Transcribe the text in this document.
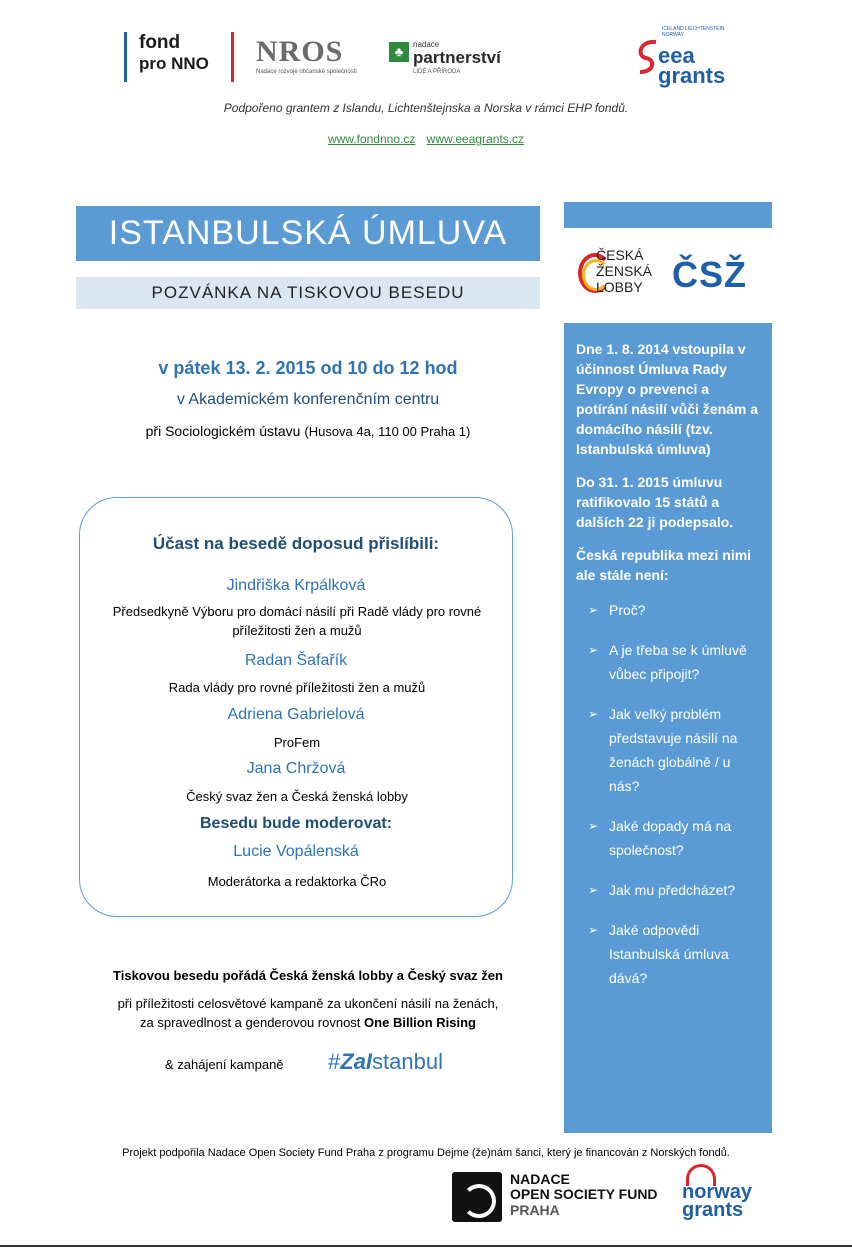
fond
pro NNO	NROS
Nadace rozvoje občanské společnosti
♣	nadace
partnerství
LIDÉ A PŘÍRODA
ICELAND LIECHTENSTEIN NORWAY
eea
grants
Podpořeno grantem z Islandu, Lichtenštejnska a Norska v rámci EHP fondů.
www.fondnno.cz www.eeagrants.cz
ISTANBULSKÁ ÚMLUVA
POZVÁNKA NA TISKOVOU BESEDU
v pátek 13. 2. 2015 od 10 do 12 hod
v Akademickém konferenčním centru
při Sociologickém ústavu (Husova 4a, 110 00 Praha 1)
Účast na besedě doposud přislíbili:
Jindřiška Krpálková
Předsedkyně Výboru pro domácí násilí při Radě vlády pro rovné příležitosti žen a mužů
Radan Šafařík
Rada vlády pro rovné příležitosti žen a mužů
Adriena Gabrielová
ProFem
Jana Chržová
Český svaz žen a Česká ženská lobby
Besedu bude moderovat:
Lucie Vopálenská
Moderátorka a redaktorka ČRo
Tiskovou besedu pořádá Česká ženská lobby a Český svaz žen
při příležitosti celosvětové kampaně za ukončení násilí na ženách,
za spravedlnost a genderovou rovnost One Billion Rising
& zahájení kampaně #ZaIstanbul
ČESKÁ
ŽENSKÁ
LOBBY ČSŽ

Dne 1. 8. 2014 vstoupila v účinnost Úmluva Rady Evropy o prevenci a potírání násilí vůči ženám a domácího násilí (tzv. Istanbulská úmluva)

Do 31. 1. 2015 úmluvu ratifikovalo 15 států a dalších 22 ji podepsalo.

Česká republika mezi nimi ale stále není:

➢ Proč?
➢ A je třeba se k úmluvě vůbec připojit?
➢ Jak velký problém představuje násilí na ženách globálně / u nás?
➢ Jaké dopady má na společnost?
➢ Jak mu předcházet?
➢ Jaké odpovědi Istanbulská úmluva dává?
Projekt podpořila Nadace Open Society Fund Praha z programu Dejme (že)nám šanci, který je financován z Norských fondů.
NADACE
OPEN SOCIETY FUND
PRAHA
norway
grants
